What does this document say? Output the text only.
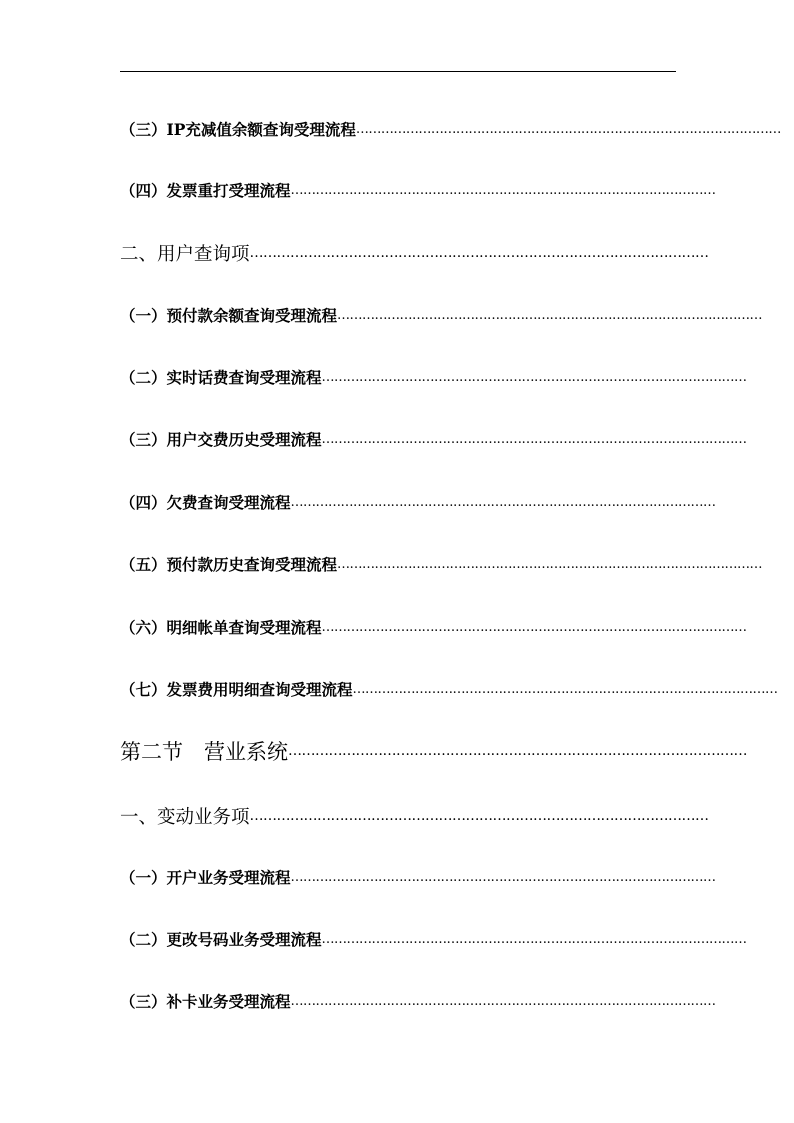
（三）IP充减值余额查询受理流程 …………………………………………………………………………………………
（四）发票重打受理流程 …………………………………………………………………………………………
二、用户查询项 …………………………………………………………………………………………
（一）预付款余额查询受理流程 …………………………………………………………………………………………
（二）实时话费查询受理流程 …………………………………………………………………………………………
（三）用户交费历史受理流程 …………………………………………………………………………………………
（四）欠费查询受理流程 …………………………………………………………………………………………
（五）预付款历史查询受理流程 …………………………………………………………………………………………
（六）明细帐单查询受理流程 …………………………………………………………………………………………
（七）发票费用明细查询受理流程 …………………………………………………………………………………………
第二节　营业系统 …………………………………………………………………………………………
一、变动业务项 …………………………………………………………………………………………
（一）开户业务受理流程 …………………………………………………………………………………………
（二）更改号码业务受理流程 …………………………………………………………………………………………
（三）补卡业务受理流程 …………………………………………………………………………………………
